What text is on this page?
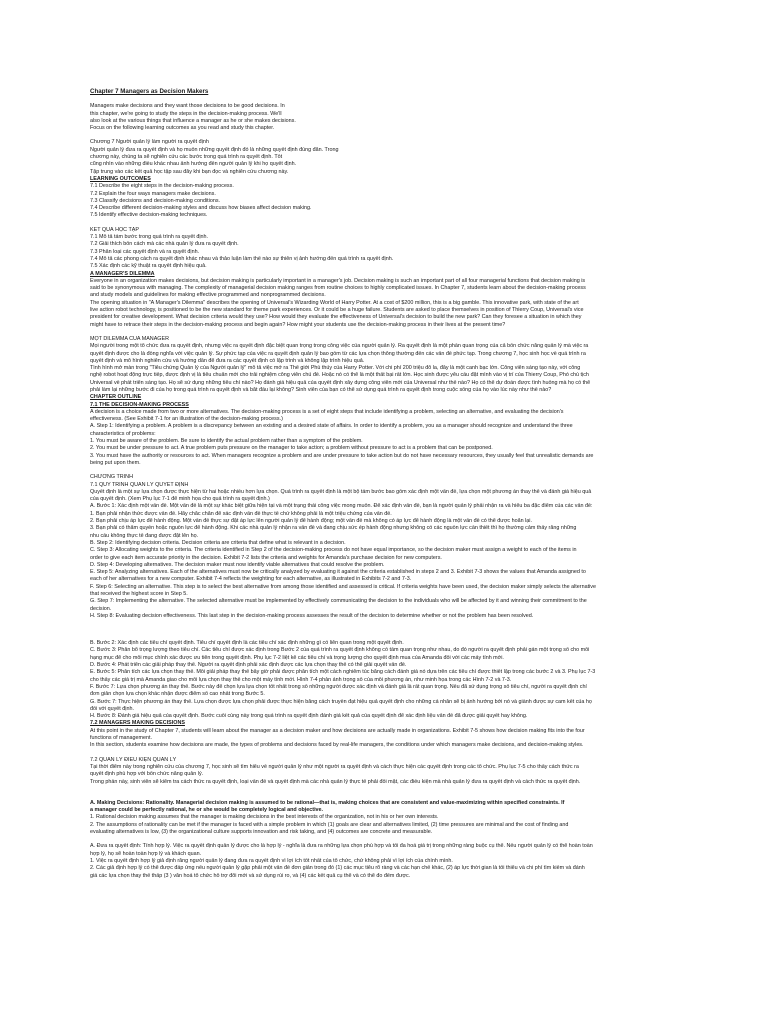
Chapter 7 Managers as Decision Makers
Managers make decisions and they want those decisions to be good decisions. In
this chapter, we're going to study the steps in the decision-making process. We'll
also look at the various things that influence a manager as he or she makes decisions.
Focus on the following learning outcomes as you read and study this chapter.
Chương 7 Người quản lý làm người ra quyết định
Người quản lý đưa ra quyết định và họ muốn những quyết định đó là những quyết định đúng đắn. Trong
chương này, chúng ta sẽ nghiên cứu các bước trong quá trình ra quyết định. Tốt
cũng nhìn vào những điều khác nhau ảnh hưởng đến người quản lý khi họ quyết định.
Tập trung vào các kết quả học tập sau đây khi bạn đọc và nghiên cứu chương này.
LEARNING OUTCOMES
7.1 Describe the eight steps in the decision-making process.
7.2 Explain the four ways managers make decisions.
7.3 Classify decisions and decision-making conditions.
7.4 Describe different decision-making styles and discuss how biases affect decision making.
7.5 Identify effective decision-making techniques.
KẾT QUẢ HỌC TẬP
7.1 Mô tả tám bước trong quá trình ra quyết định.
7.2 Giải thích bốn cách mà các nhà quản lý đưa ra quyết định.
7.3 Phân loại các quyết định và ra quyết định.
7.4 Mô tả các phong cách ra quyết định khác nhau và thảo luận làm thế nào sự thiên vị ảnh hưởng đến quá trình ra quyết định.
7.5 Xác định các kỹ thuật ra quyết định hiệu quả.
A MANAGER'S DILEMMA
Everyone in an organization makes decisions, but decision making is particularly important in a manager's job. Decision making is such an important part of all four managerial functions that decision making is
said to be synonymous with managing. The complexity of managerial decision making ranges from routine choices to highly complicated issues. In Chapter 7, students learn about the decision-making process
and study models and guidelines for making effective programmed and nonprogrammed decisions.
The opening situation in "A Manager's Dilemma" describes the opening of Universal's Wizarding World of Harry Potter. At a cost of $200 million, this is a big gamble. This innovative park, with state of the art
live action robot technology, is positioned to be the new standard for theme park experiences. Or it could be a huge failure. Students are asked to place themselves in position of Thierry Coup, Universal's vice
president for creative development. What decision criteria would they use? How would they evaluate the effectiveness of Universal's decision to build the new park? Can they foresee a situation in which they
might have to retrace their steps in the decision-making process and begin again? How might your students use the decision-making process in their lives at the present time?
MỘT DILEMMA CỦA MANAGER
Mọi người trong một tổ chức đưa ra quyết định, nhưng việc ra quyết định đặc biệt quan trọng trong công việc của người quản lý. Ra quyết định là một phần quan trọng của cả bốn chức năng quản lý mà việc ra
quyết định được cho là đồng nghĩa với việc quản lý. Sự phức tạp của việc ra quyết định quản lý bao gồm từ các lựa chọn thông thường đến các vấn đề phức tạp. Trong chương 7, học sinh học về quá trình ra
quyết định và mô hình nghiên cứu và hướng dẫn để đưa ra các quyết định có lập trình và không lập trình hiệu quả.
Tình hình mở màn trong "Tiêu chứng Quản lý của Người quản lý" mô tả việc mở ra Thế giới Phù thủy của Harry Potter. Với chi phí 200 triệu đô la, đây là một canh bạc lớn. Công viên sáng tạo này, với công
nghệ robot hoạt động trực tiếp, được định vị là tiêu chuẩn mới cho trải nghiệm công viên chủ đề. Hoặc nó có thể là một thất bại rất lớn. Học sinh được yêu cầu đặt mình vào vị trí của Thierry Coup, Phó chủ tịch
Universal về phát triển sáng tạo. Họ sẽ sử dụng những tiêu chí nào? Họ đánh giá hiệu quả của quyết định xây dựng công viên mới của Universal như thế nào? Họ có thể dự đoán được tình huống mà họ có thể
phải làm lại những bước đi của họ trong quá trình ra quyết định và bắt đầu lại không? Sinh viên của bạn có thể sử dụng quá trình ra quyết định trong cuộc sống của họ vào lúc này như thế nào?
CHAPTER OUTLINE
7.1 THE DECISION-MAKING PROCESS
A decision is a choice made from two or more alternatives. The decision-making process is a set of eight steps that include identifying a problem, selecting an alternative, and evaluating the decision's
effectiveness. (See Exhibit 7-1 for an illustration of the decision-making process.)
A. Step 1: Identifying a problem. A problem is a discrepancy between an existing and a desired state of affairs. In order to identify a problem, you as a manager should recognize and understand the three
characteristics of problems:
1. You must be aware of the problem. Be sure to identify the actual problem rather than a symptom of the problem.
2. You must be under pressure to act. A true problem puts pressure on the manager to take action; a problem without pressure to act is a problem that can be postponed.
3. You must have the authority or resources to act. When managers recognize a problem and are under pressure to take action but do not have necessary resources, they usually feel that unrealistic demands are
being put upon them.
CHƯƠNG TRÌNH
7.1 QUY TRÌNH QUẢN LÝ QUYẾT ĐỊNH
Quyết định là một sự lựa chọn được thực hiện từ hai hoặc nhiều hơn lựa chọn. Quá trình ra quyết định là một bộ tám bước bao gồm xác định một vấn đề, lựa chọn một phương án thay thế và đánh giá hiệu quả
của quyết định. (Xem Phụ lục 7-1 để minh họa cho quá trình ra quyết định.)
A. Bước 1: Xác định một vấn đề. Một vấn đề là một sự khác biệt giữa hiện tại và một trạng thái công việc mong muốn. Để xác định vấn đề, bạn là người quản lý phải nhận ra và hiểu ba đặc điểm của các vấn đề:
1. Bạn phải nhận thức được vấn đề. Hãy chắc chắn để xác định vấn đề thực tế chứ không phải là một triệu chứng của vấn đề.
2. Bạn phải chịu áp lực để hành động. Một vấn đề thực sự đặt áp lực lên người quản lý để hành động; một vấn đề mà không có áp lực để hành động là một vấn đề có thể được hoãn lại.
3. Bạn phải có thẩm quyền hoặc nguồn lực để hành động. Khi các nhà quản lý nhận ra vấn đề và đang chịu sức ép hành động nhưng không có các nguồn lực cần thiết thì họ thường cảm thấy rằng những
nhu cầu không thực tế đang được đặt lên họ.
B. Step 2: Identifying decision criteria. Decision criteria are criteria that define what is relevant in a decision.
C. Step 3: Allocating weights to the criteria. The criteria identified in Step 2 of the decision-making process do not have equal importance, so the decision maker must assign a weight to each of the items in
order to give each item accurate priority in the decision. Exhibit 7-2 lists the criteria and weights for Amanda's purchase decision for new computers.
D. Step 4: Developing alternatives. The decision maker must now identify viable alternatives that could resolve the problem.
E. Step 5: Analyzing alternatives. Each of the alternatives must now be critically analyzed by evaluating it against the criteria established in steps 2 and 3. Exhibit 7-3 shows the values that Amanda assigned to
each of her alternatives for a new computer. Exhibit 7-4 reflects the weighting for each alternative, as illustrated in Exhibits 7-2 and 7-3.
F. Step 6: Selecting an alternative. This step is to select the best alternative from among those identified and assessed is critical. If criteria weights have been used, the decision maker simply selects the alternative
that received the highest score in Step 5.
G. Step 7: Implementing the alternative. The selected alternative must be implemented by effectively communicating the decision to the individuals who will be affected by it and winning their commitment to the
decision.
H. Step 8: Evaluating decision effectiveness. This last step in the decision-making process assesses the result of the decision to determine whether or not the problem has been resolved.
B. Bước 2: Xác định các tiêu chí quyết định. Tiêu chí quyết định là các tiêu chí xác định những gì có liên quan trong một quyết định.
C. Bước 3: Phân bổ trọng lượng theo tiêu chí. Các tiêu chí được xác định trong Bước 2 của quá trình ra quyết định không có tầm quan trọng như nhau, do đó người ra quyết định phải gán một trọng số cho mỗi
hạng mục để cho mỗi mục chính xác được ưu tiên trong quyết định. Phụ lục 7-2 liệt kê các tiêu chí và trọng lượng cho quyết định mua của Amanda đối với các máy tính mới.
D. Bước 4: Phát triển các giải pháp thay thế. Người ra quyết định phải xác định được các lựa chọn thay thế có thể giải quyết vấn đề.
E. Bước 5: Phân tích các lựa chọn thay thế. Mỗi giải pháp thay thế bây giờ phải được phân tích một cách nghiêm túc bằng cách đánh giá nó dựa trên các tiêu chí được thiết lập trong các bước 2 và 3. Phụ lục 7-3
cho thấy các giá trị mà Amanda giao cho mỗi lựa chọn thay thế cho một máy tính mới. Hình 7-4 phản ánh trọng số của mỗi phương án, như minh họa trong các Hình 7-2 và 7-3.
F. Bước 7: Lựa chọn phương án thay thế. Bước này để chọn lựa lựa chọn tốt nhất trong số những người được xác định và đánh giá là rất quan trọng. Nếu đã sử dụng trọng số tiêu chí, người ra quyết định chỉ
đơn giản chọn lựa chọn khác nhận được điểm số cao nhất trong Bước 5.
G. Bước 7: Thực hiện phương án thay thế. Lựa chọn được lựa chọn phải được thực hiện bằng cách truyền đạt hiệu quả quyết định cho những cá nhân sẽ bị ảnh hưởng bởi nó và giành được sự cam kết của họ
đối với quyết định.
H. Bước 8: Đánh giá hiệu quả của quyết định. Bước cuối cùng này trong quá trình ra quyết định đánh giá kết quả của quyết định để xác định liệu vấn đề đã được giải quyết hay không.
7.2 MANAGERS MAKING DECISIONS
At this point in the study of Chapter 7, students will learn about the manager as a decision maker and how decisions are actually made in organizations. Exhibit 7-5 shows how decision making fits into the four
functions of management.
In this section, students examine how decisions are made, the types of problems and decisions faced by real-life managers, the conditions under which managers make decisions, and decision-making styles.
7.2 QUẢN LÝ ĐIỀU KIỆN QUẢN LÝ
Tại thời điểm này trong nghiên cứu của chương 7, học sinh sẽ tìm hiểu về người quản lý như một người ra quyết định và cách thực hiện các quyết định trong các tổ chức. Phụ lục 7-5 cho thấy cách thức ra
quyết định phù hợp với bốn chức năng quản lý.
Trong phần này, sinh viên sẽ kiểm tra cách thức ra quyết định, loại vấn đề và quyết định mà các nhà quản lý thực tế phải đối mặt, các điều kiện mà nhà quản lý đưa ra quyết định và cách thức ra quyết định.
A. Making Decisions: Rationality. Managerial decision making is assumed to be rational—that is, making choices that are consistent and value-maximizing within specified constraints. If
a manager could be perfectly rational, he or she would be completely logical and objective.
1. Rational decision making assumes that the manager is making decisions in the best interests of the organization, not in his or her own interests.
2. The assumptions of rationality can be met if the manager is faced with a simple problem in which (1) goals are clear and alternatives limited, (2) time pressures are minimal and the cost of finding and
evaluating alternatives is low, (3) the organizational culture supports innovation and risk taking, and (4) outcomes are concrete and measurable.
A. Đưa ra quyết định: Tính hợp lý. Việc ra quyết định quản lý được cho là hợp lý - nghĩa là đưa ra những lựa chọn phù hợp và tối đa hoá giá trị trong những ràng buộc cụ thể. Nếu người quản lý có thể hoàn toàn
hợp lý, họ sẽ hoàn toàn hợp lý và khách quan.
1. Việc ra quyết định hợp lý giả định rằng người quản lý đang đưa ra quyết định vì lợi ích tốt nhất của tổ chức, chứ không phải vì lợi ích của chính mình.
2. Các giả định hợp lý có thể được đáp ứng nếu người quản lý gặp phải một vấn đề đơn giản trong đó (1) các mục tiêu rõ ràng và các hạn chế khác, (2) áp lực thời gian là tối thiểu và chi phí tìm kiếm và đánh
giá các lựa chọn thay thế thấp (3 ) văn hoá tổ chức hỗ trợ đổi mới và sử dụng rủi ro, và (4) các kết quả cụ thể và có thể đo đếm được.
